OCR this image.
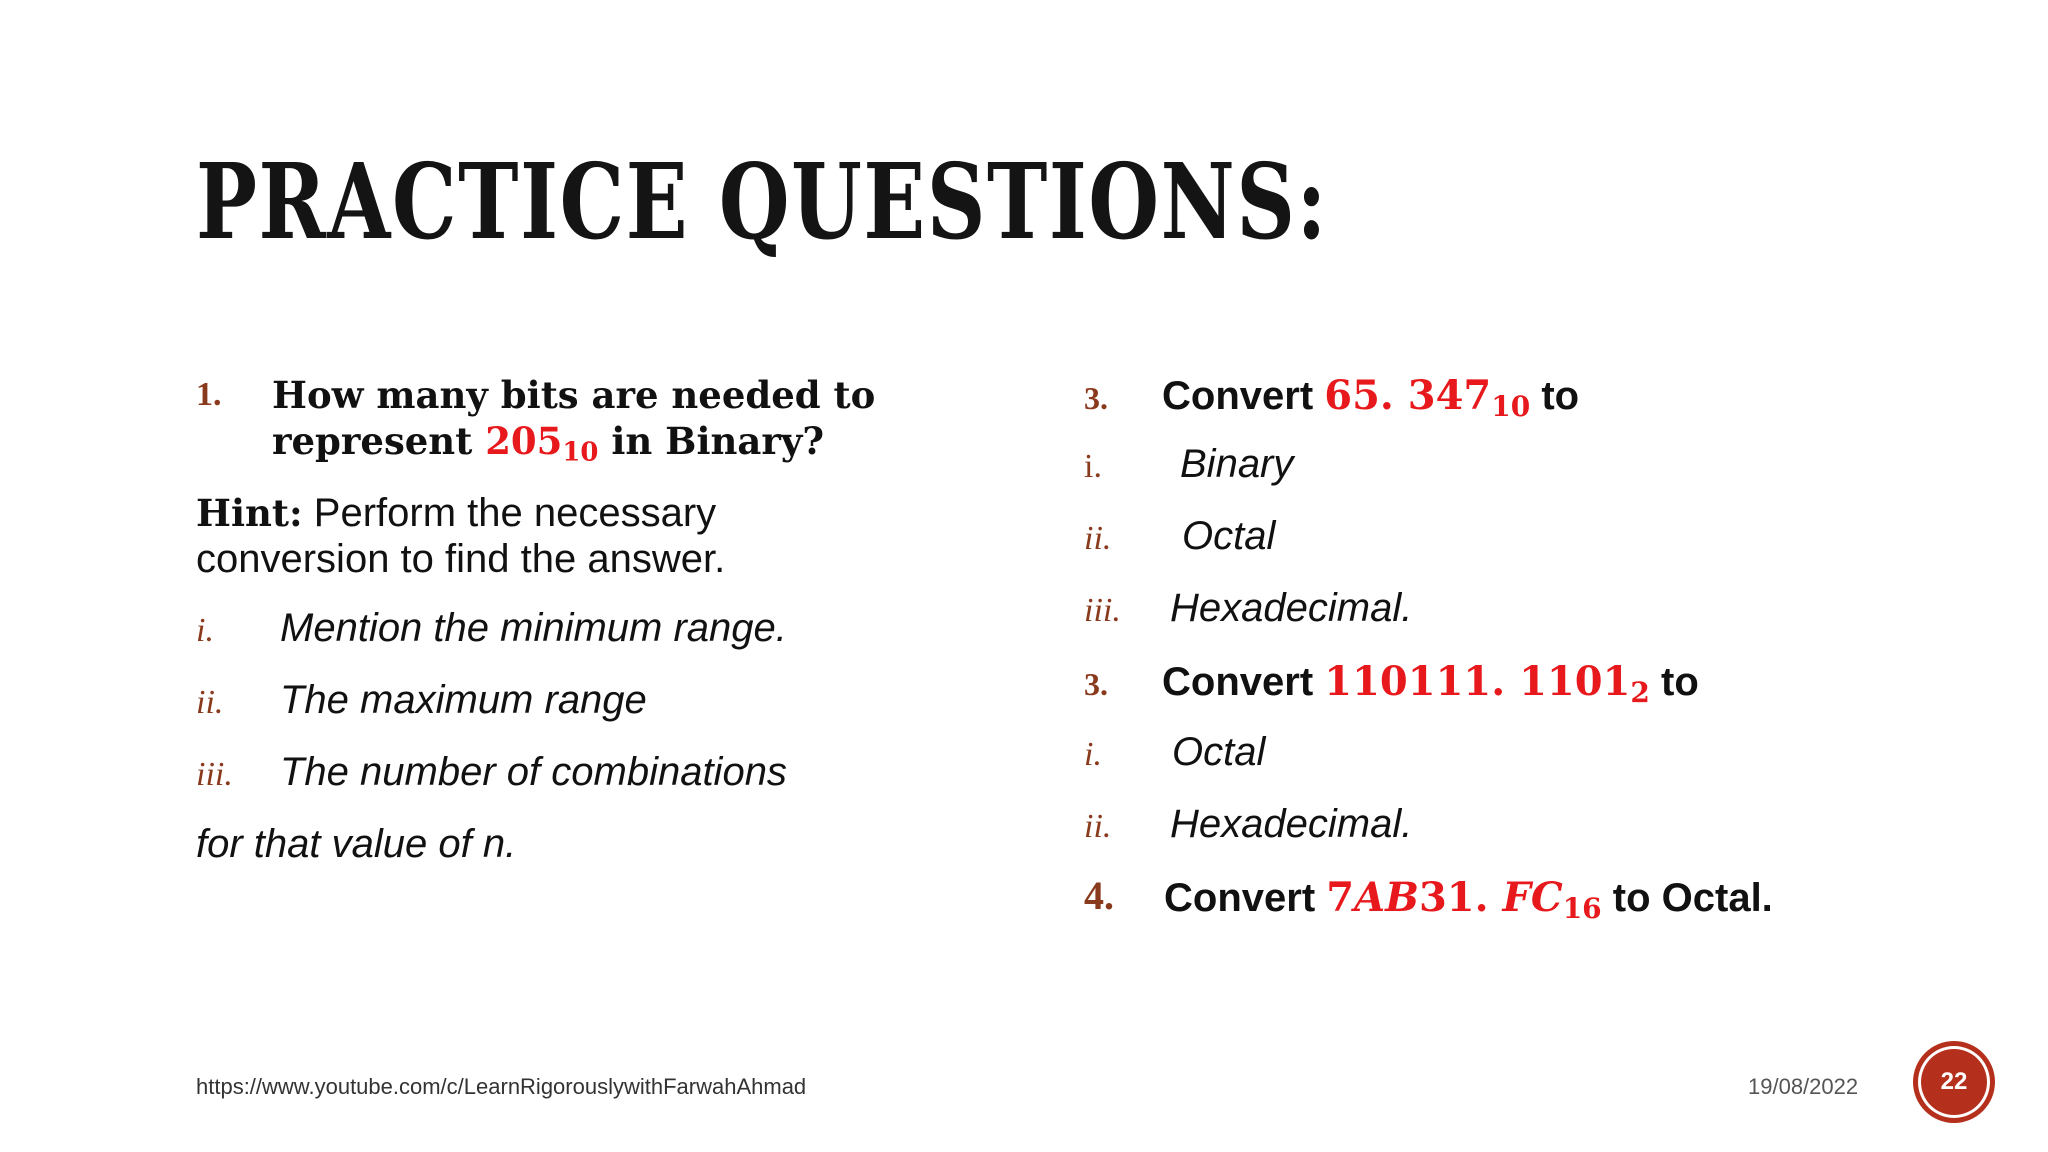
PRACTICE QUESTIONS:
1. How many bits are needed to
represent $205_{10}$ in Binary?
Hint: Perform the necessary
conversion to find the answer.
i. Mention the minimum range.
ii. The maximum range
iii. The number of combinations
for that value of n.
3. Convert 65. $347_{10}$ to
i. Binary
ii. Octal
iii. Hexadecimal.
3. Convert 110111. $1101_2$ to
i. Octal
ii. Hexadecimal.
4. Convert 7AB31. $FC_{16}$ to Octal.
https://www.youtube.com/c/LearnRigorouslywithFarwahAhmad	19/08/2022	22
